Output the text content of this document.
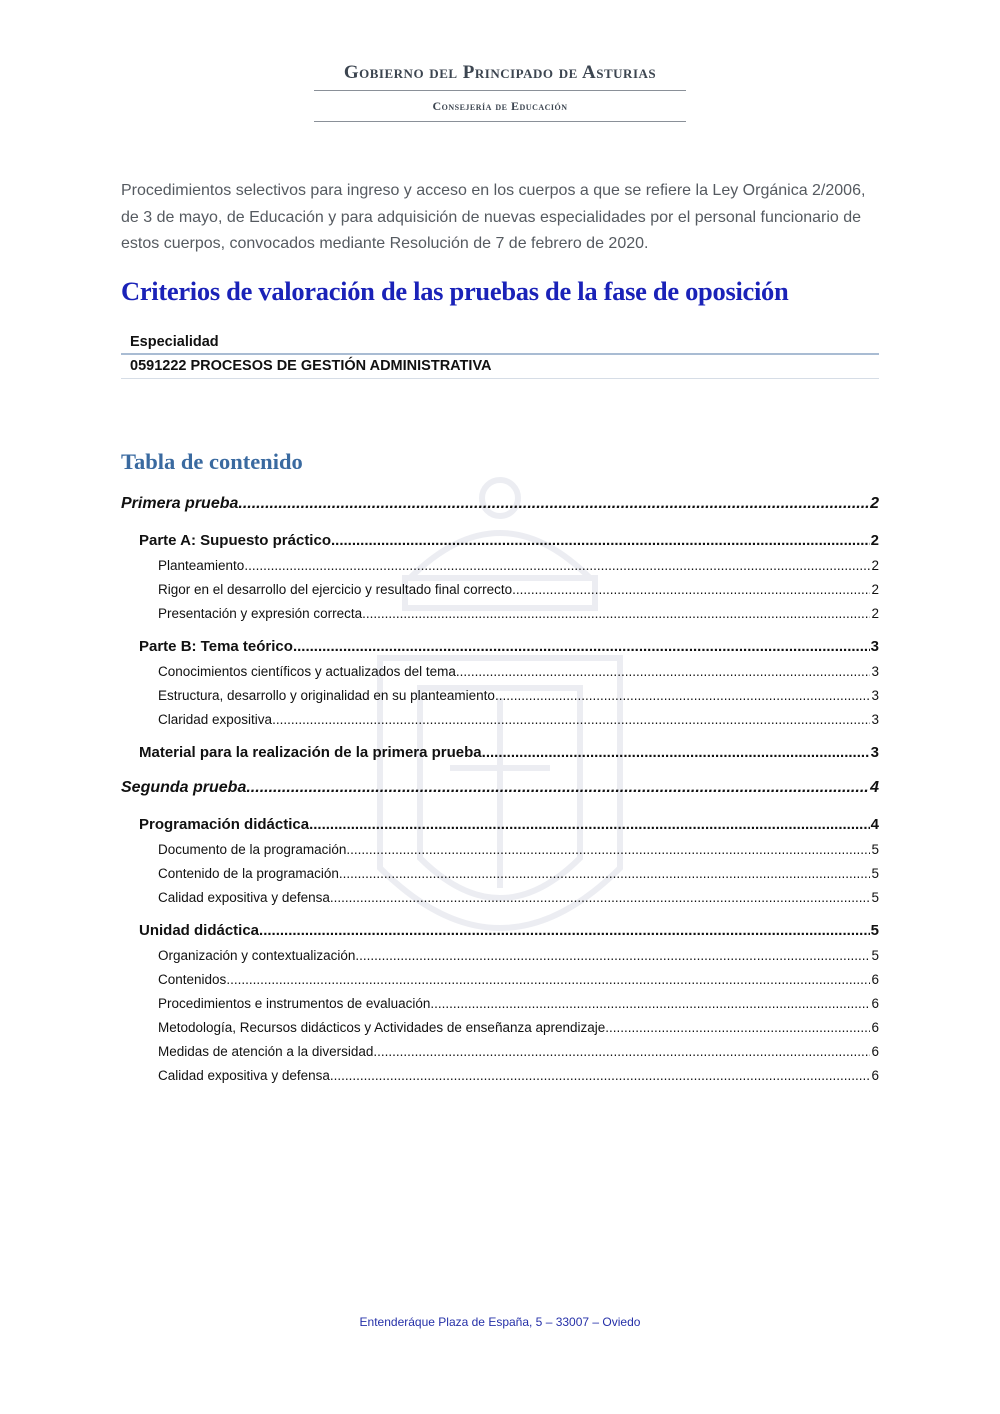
Gobierno del Principado de Asturias
Consejería de Educación
Procedimientos selectivos para ingreso y acceso en los cuerpos a que se refiere la Ley Orgánica 2/2006, de 3 de mayo, de Educación y para adquisición de nuevas especialidades por el personal funcionario de estos cuerpos, convocados mediante Resolución de 7 de febrero de 2020.
Criterios de valoración de las pruebas de la fase de oposición
Especialidad
0591222 PROCESOS DE GESTIÓN ADMINISTRATIVA
Tabla de contenido
Primera prueba .....	2
Parte A: Supuesto práctico .....	2
Planteamiento .....	2
Rigor en el desarrollo del ejercicio y resultado final correcto .....	2
Presentación y expresión correcta .....	2
Parte B: Tema teórico .....	3
Conocimientos científicos y actualizados del tema .....	3
Estructura, desarrollo y originalidad en su planteamiento .....	3
Claridad expositiva .....	3
Material para la realización de la primera prueba .....	3
Segunda prueba .....	4
Programación didáctica .....	4
Documento de la programación .....	5
Contenido de la programación .....	5
Calidad expositiva y defensa .....	5
Unidad didáctica .....	5
Organización y contextualización .....	5
Contenidos .....	6
Procedimientos e instrumentos de evaluación .....	6
Metodología, Recursos didácticos y Actividades de enseñanza aprendizaje .....	6
Medidas de atención a la diversidad .....	6
Calidad expositiva y defensa .....	6
Entenderáque Plaza de España, 5 – 33007 – Oviedo
